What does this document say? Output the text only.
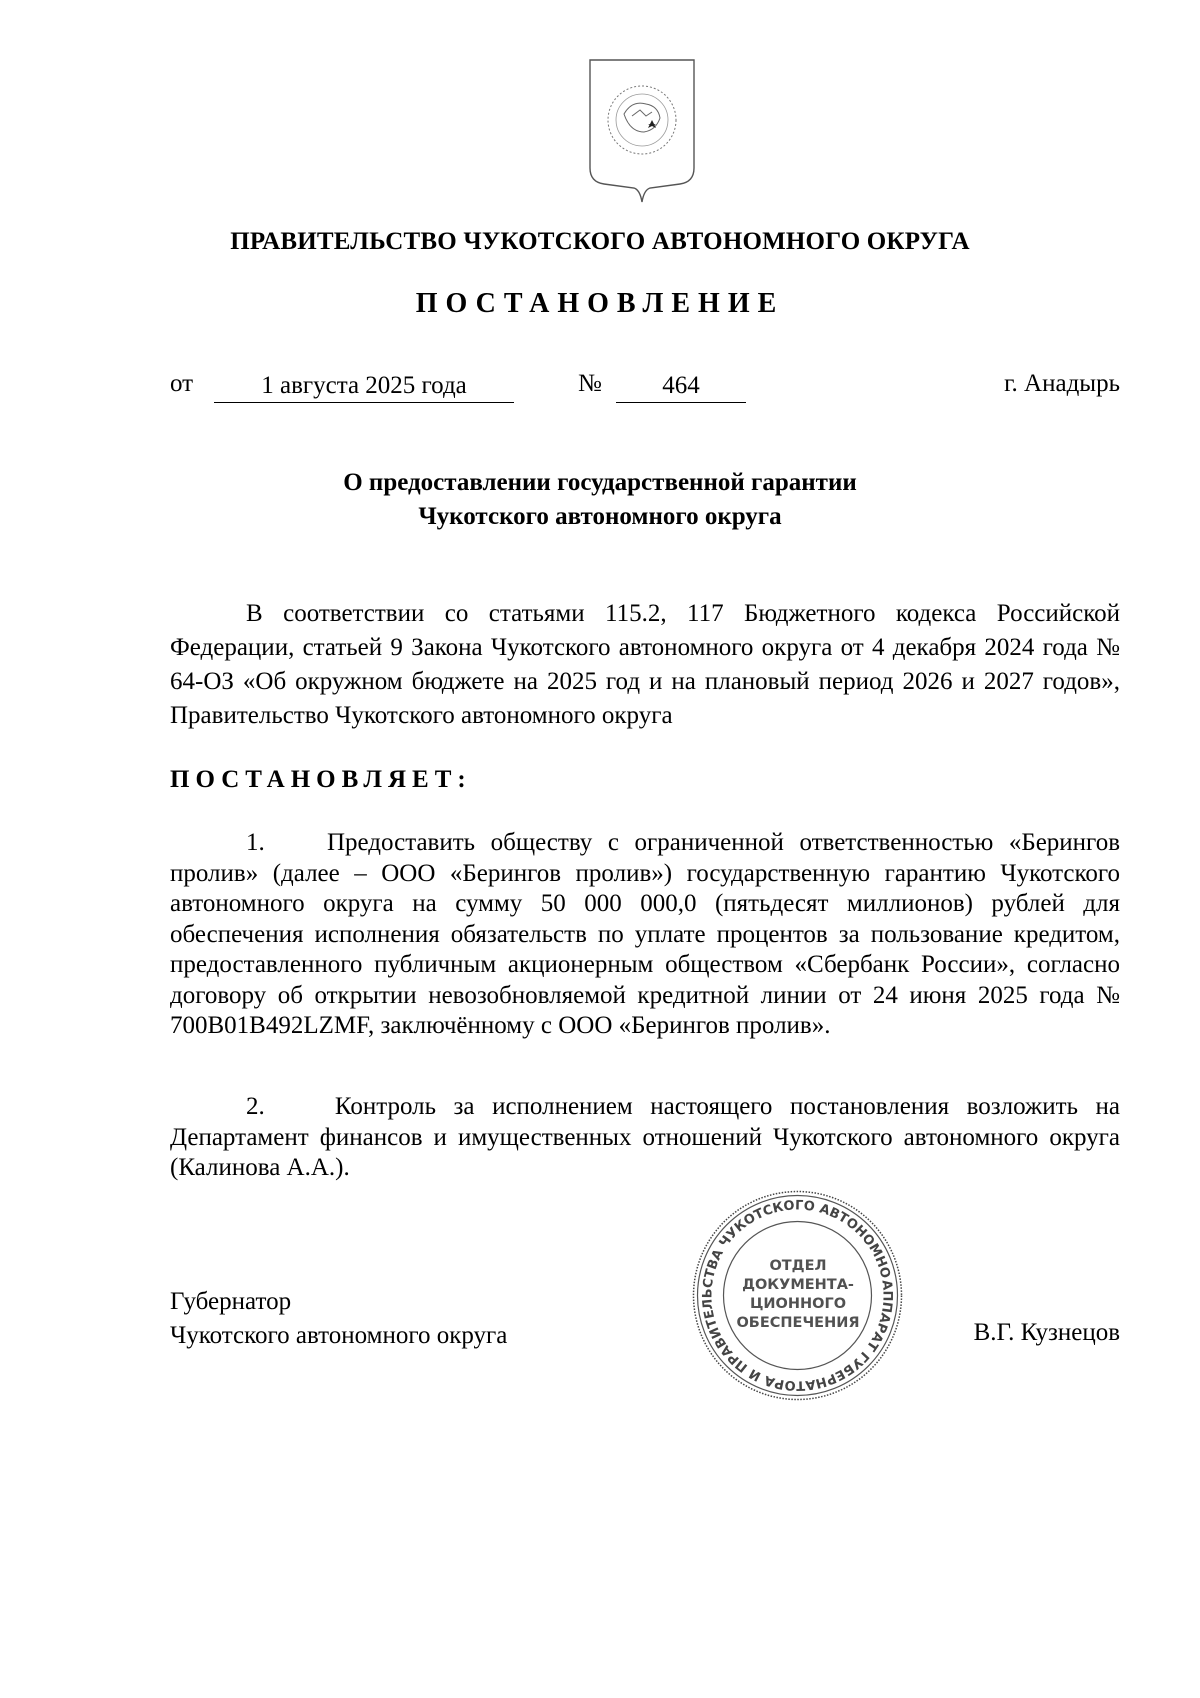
ПРАВИТЕЛЬСТВО ЧУКОТСКОГО АВТОНОМНОГО ОКРУГА
ПОСТАНОВЛЕНИЕ
от	1 августа 2025 года	№	464	г. Анадырь
О предоставлении государственной гарантии
Чукотского автономного округа
В соответствии со статьями 115.2, 117 Бюджетного кодекса Российской Федерации, статьей 9 Закона Чукотского автономного округа от 4 декабря 2024 года № 64-ОЗ «Об окружном бюджете на 2025 год и на плановый период 2026 и 2027 годов», Правительство Чукотского автономного округа
ПОСТАНОВЛЯЕТ:
1.    Предоставить обществу с ограниченной ответственностью «Берингов пролив» (далее – ООО «Берингов пролив») государственную гарантию Чукотского автономного округа на сумму 50 000 000,0 (пятьдесят миллионов) рублей для обеспечения исполнения обязательств по уплате процентов за пользование кредитом, предоставленного публичным акционерным обществом «Сбербанк России», согласно договору об открытии невозобновляемой кредитной линии от 24 июня 2025 года № 700B01B492LZMF, заключённому с ООО «Берингов пролив».
2.    Контроль за исполнением настоящего постановления возложить на Департамент финансов и имущественных отношений Чукотского автономного округа (Калинова А.А.).
Губернатор
Чукотского автономного округа	В.Г. Кузнецов
АППАРАТ ГУБЕРНАТОРА И ПРАВИТЕЛЬСТВА ЧУКОТСКОГО АВТОНОМНОГО
ОТДЕЛ
ДОКУМЕНТА-
ЦИОННОГО
ОБЕСПЕЧЕНИЯ
